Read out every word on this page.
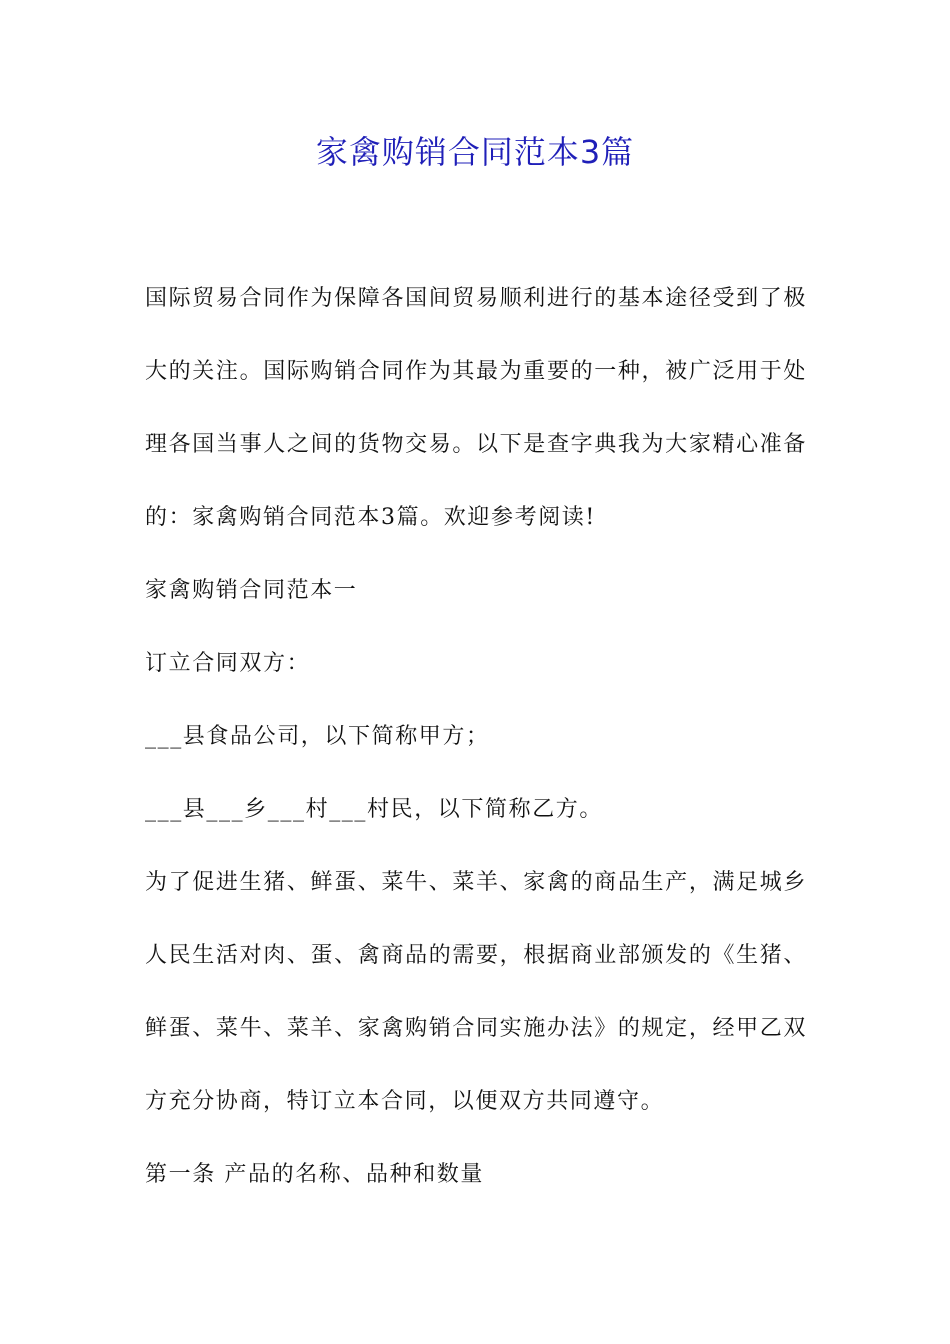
家禽购销合同范本3篇

国际贸易合同作为保障各国间贸易顺利进行的基本途径受到了极大的关注。国际购销合同作为其最为重要的一种，被广泛用于处理各国当事人之间的货物交易。以下是查字典我为大家精心准备的：家禽购销合同范本3篇。欢迎参考阅读!

家禽购销合同范本一

订立合同双方：

___县食品公司，以下简称甲方；

___县___乡___村___村民，以下简称乙方。

为了促进生猪、鲜蛋、菜牛、菜羊、家禽的商品生产，满足城乡人民生活对肉、蛋、禽商品的需要，根据商业部颁发的《生猪、鲜蛋、菜牛、菜羊、家禽购销合同实施办法》的规定，经甲乙双方充分协商，特订立本合同，以便双方共同遵守。

第一条 产品的名称、品种和数量
